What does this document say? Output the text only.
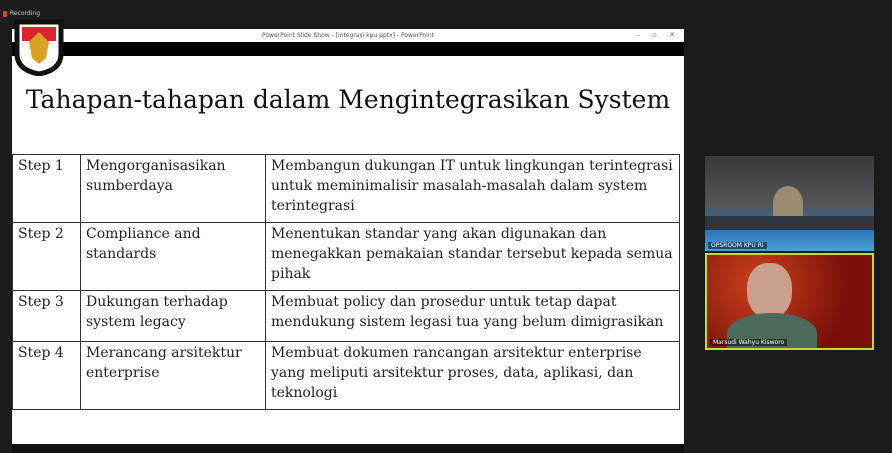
Recording
PowerPoint Slide Show - [integrasi kpu.pptx] - PowerPoint	– ▫ ✕
Tahapan-tahapan dalam Mengintegrasikan System
Step 1	Mengorganisasikan sumberdaya	Membangun dukungan IT untuk lingkungan terintegrasi untuk meminimalisir masalah-masalah dalam system terintegrasi
Step 2	Compliance and standards	Menentukan standar yang akan digunakan dan menegakkan pemakaian standar tersebut kepada semua pihak
Step 3	Dukungan terhadap system legacy	Membuat policy dan prosedur untuk tetap dapat mendukung sistem legasi tua yang belum dimigrasikan
Step 4	Merancang arsitektur enterprise	Membuat dokumen rancangan arsitektur enterprise yang meliputi arsitektur proses, data, aplikasi, dan teknologi
OPSROOM KPU RI
Marsudi Wahyu Kisworo
